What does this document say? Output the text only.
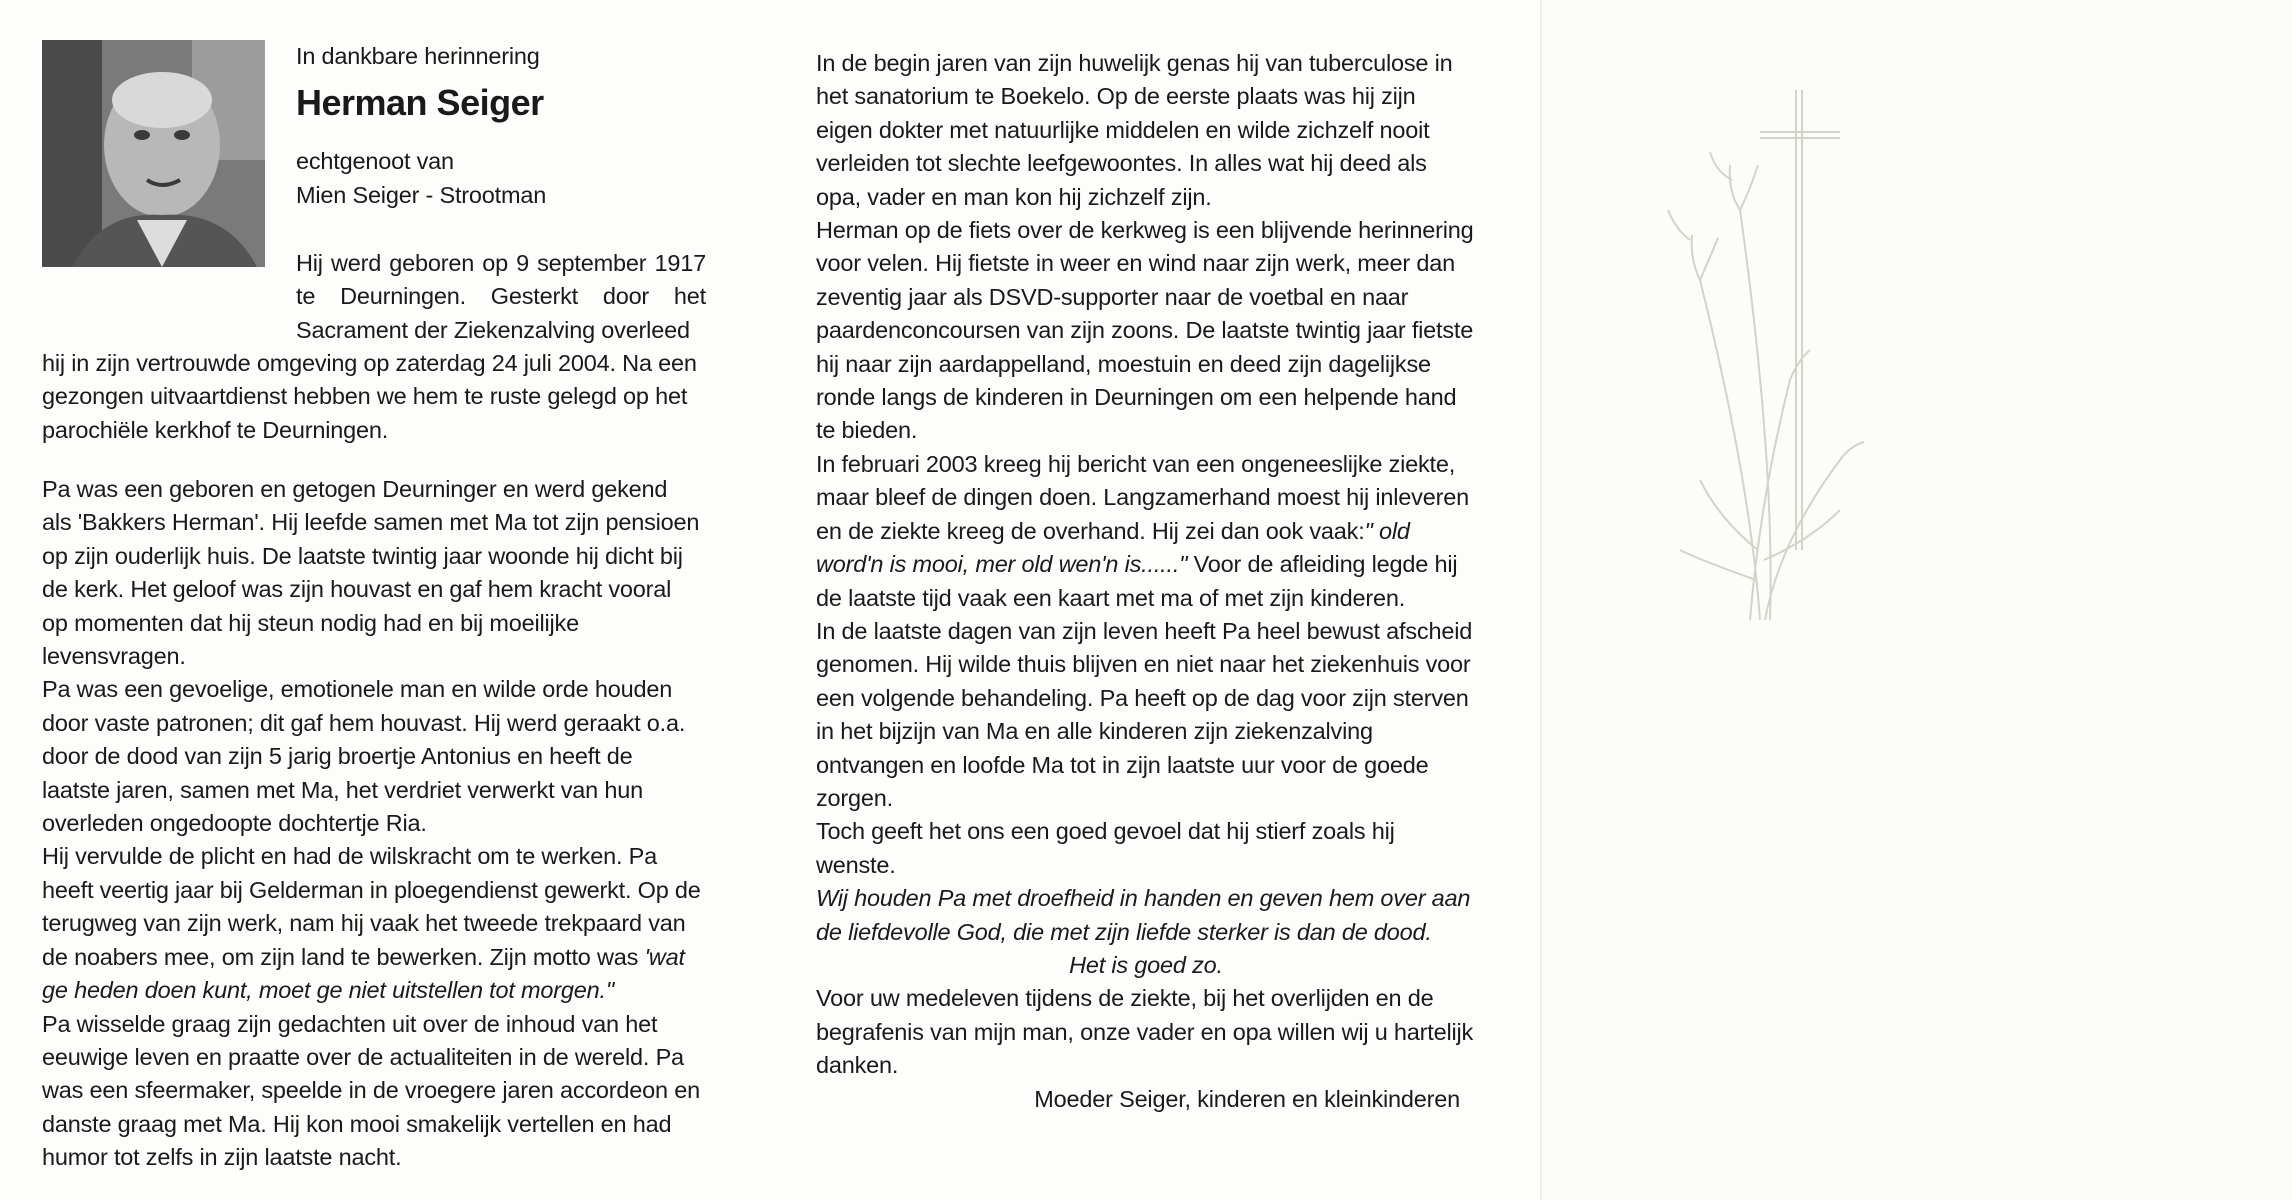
In dankbare herinnering
Herman Seiger
echtgenoot van
Mien Seiger - Strootman
Hij werd geboren op 9 september 1917 te Deurningen. Gesterkt door het Sacrament der Ziekenzalving overleed
hij in zijn vertrouwde omgeving op zaterdag 24 juli 2004. Na een gezongen uitvaartdienst hebben we hem te ruste gelegd op het parochiële kerkhof te Deurningen.

Pa was een geboren en getogen Deurninger en werd gekend als 'Bakkers Herman'. Hij leefde samen met Ma tot zijn pensioen op zijn ouderlijk huis. De laatste twintig jaar woonde hij dicht bij de kerk. Het geloof was zijn houvast en gaf hem kracht vooral op momenten dat hij steun nodig had en bij moeilijke levensvragen.

Pa was een gevoelige, emotionele man en wilde orde houden door vaste patronen; dit gaf hem houvast. Hij werd geraakt o.a. door de dood van zijn 5 jarig broertje Antonius en heeft de laatste jaren, samen met Ma, het verdriet verwerkt van hun overleden ongedoopte dochtertje Ria.

Hij vervulde de plicht en had de wilskracht om te werken. Pa heeft veertig jaar bij Gelderman in ploegendienst gewerkt. Op de terugweg van zijn werk, nam hij vaak het tweede trekpaard van de noabers mee, om zijn land te bewerken. Zijn motto was 'wat ge heden doen kunt, moet ge niet uitstellen tot morgen."

Pa wisselde graag zijn gedachten uit over de inhoud van het eeuwige leven en praatte over de actualiteiten in de wereld. Pa was een sfeermaker, speelde in de vroegere jaren accordeon en danste graag met Ma. Hij kon mooi smakelijk vertellen en had humor tot zelfs in zijn laatste nacht.

In de begin jaren van zijn huwelijk genas hij van tuberculose in het sanatorium te Boekelo. Op de eerste plaats was hij zijn eigen dokter met natuurlijke middelen en wilde zichzelf nooit verleiden tot slechte leefgewoontes. In alles wat hij deed als opa, vader en man kon hij zichzelf zijn.

Herman op de fiets over de kerkweg is een blijvende herinnering voor velen. Hij fietste in weer en wind naar zijn werk, meer dan zeventig jaar als DSVD-supporter naar de voetbal en naar paardenconcoursen van zijn zoons. De laatste twintig jaar fietste hij naar zijn aardappelland, moestuin en deed zijn dagelijkse ronde langs de kinderen in Deurningen om een helpende hand te bieden.

In februari 2003 kreeg hij bericht van een ongeneeslijke ziekte, maar bleef de dingen doen. Langzamerhand moest hij inleveren en de ziekte kreeg de overhand. Hij zei dan ook vaak:" old word'n is mooi, mer old wen'n is......" Voor de afleiding legde hij de laatste tijd vaak een kaart met ma of met zijn kinderen.

In de laatste dagen van zijn leven heeft Pa heel bewust afscheid genomen. Hij wilde thuis blijven en niet naar het ziekenhuis voor een volgende behandeling. Pa heeft op de dag voor zijn sterven in het bijzijn van Ma en alle kinderen zijn ziekenzalving ontvangen en loofde Ma tot in zijn laatste uur voor de goede zorgen.

Toch geeft het ons een goed gevoel dat hij stierf zoals hij wenste.

Wij houden Pa met droefheid in handen en geven hem over aan de liefdevolle God, die met zijn liefde sterker is dan de dood.

Het is goed zo.

Voor uw medeleven tijdens de ziekte, bij het overlijden en de begrafenis van mijn man, onze vader en opa willen wij u hartelijk danken.

Moeder Seiger, kinderen en kleinkinderen
